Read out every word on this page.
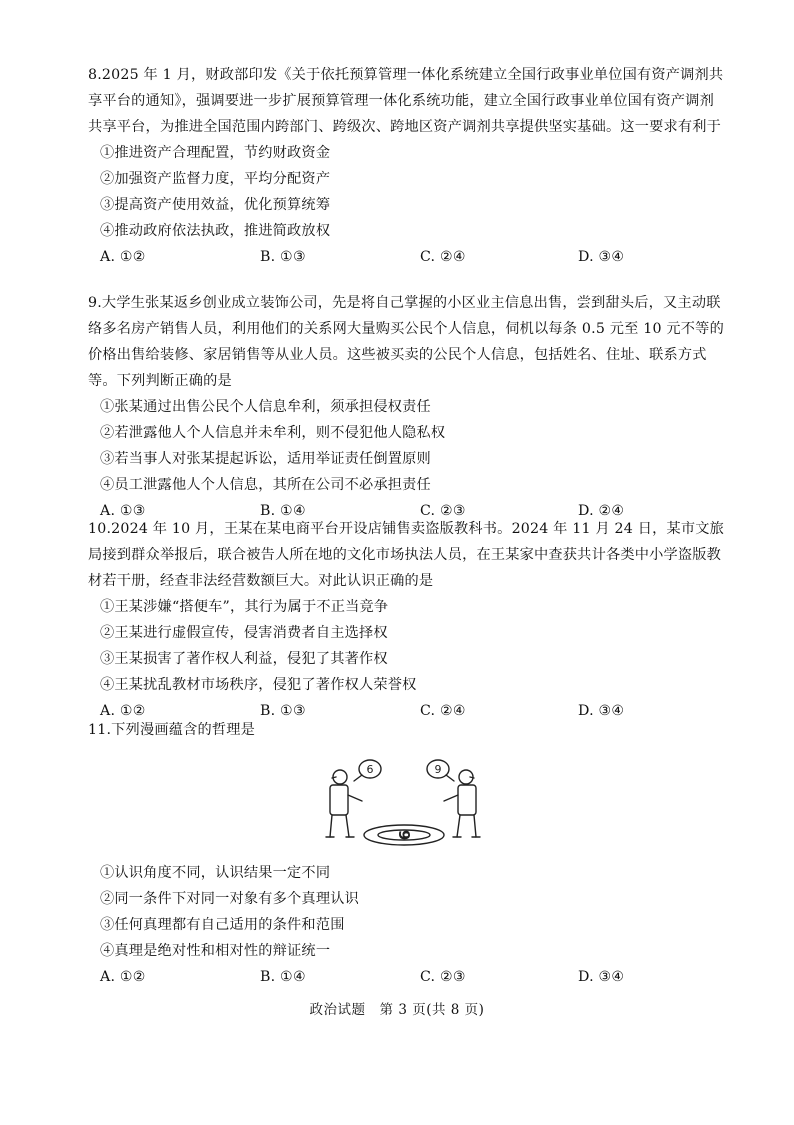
8.2025 年 1 月，财政部印发《关于依托预算管理一体化系统建立全国行政事业单位国有资产调剂共享平台的通知》，强调要进一步扩展预算管理一体化系统功能，建立全国行政事业单位国有资产调剂共享平台，为推进全国范围内跨部门、跨级次、跨地区资产调剂共享提供坚实基础。这一要求有利于
①推进资产合理配置，节约财政资金
②加强资产监督力度，平均分配资产
③提高资产使用效益，优化预算统筹
④推动政府依法执政，推进简政放权
A. ①②	B. ①③	C. ②④	D. ③④
9.大学生张某返乡创业成立装饰公司，先是将自己掌握的小区业主信息出售，尝到甜头后，又主动联络多名房产销售人员，利用他们的关系网大量购买公民个人信息，伺机以每条 0.5 元至 10 元不等的价格出售给装修、家居销售等从业人员。这些被买卖的公民个人信息，包括姓名、住址、联系方式等。下列判断正确的是
①张某通过出售公民个人信息牟利，须承担侵权责任
②若泄露他人个人信息并未牟利，则不侵犯他人隐私权
③若当事人对张某提起诉讼，适用举证责任倒置原则
④员工泄露他人个人信息，其所在公司不必承担责任
A. ①③	B. ①④	C. ②③	D. ②④
10.2024 年 10 月，王某在某电商平台开设店铺售卖盗版教科书。2024 年 11 月 24 日，某市文旅局接到群众举报后，联合被告人所在地的文化市场执法人员，在王某家中查获共计各类中小学盗版教材若干册，经查非法经营数额巨大。对此认识正确的是
①王某涉嫌“搭便车”，其行为属于不正当竞争
②王某进行虚假宣传，侵害消费者自主选择权
③王某损害了著作权人利益，侵犯了其著作权
④王某扰乱教材市场秩序，侵犯了著作权人荣誉权
A. ①②	B. ①③	C. ②④	D. ③④
11.下列漫画蕴含的哲理是
6	9
6
①认识角度不同，认识结果一定不同
②同一条件下对同一对象有多个真理认识
③任何真理都有自己适用的条件和范围
④真理是绝对性和相对性的辩证统一
A. ①②	B. ①④	C. ②③	D. ③④
政治试题　第 3 页(共 8 页)
